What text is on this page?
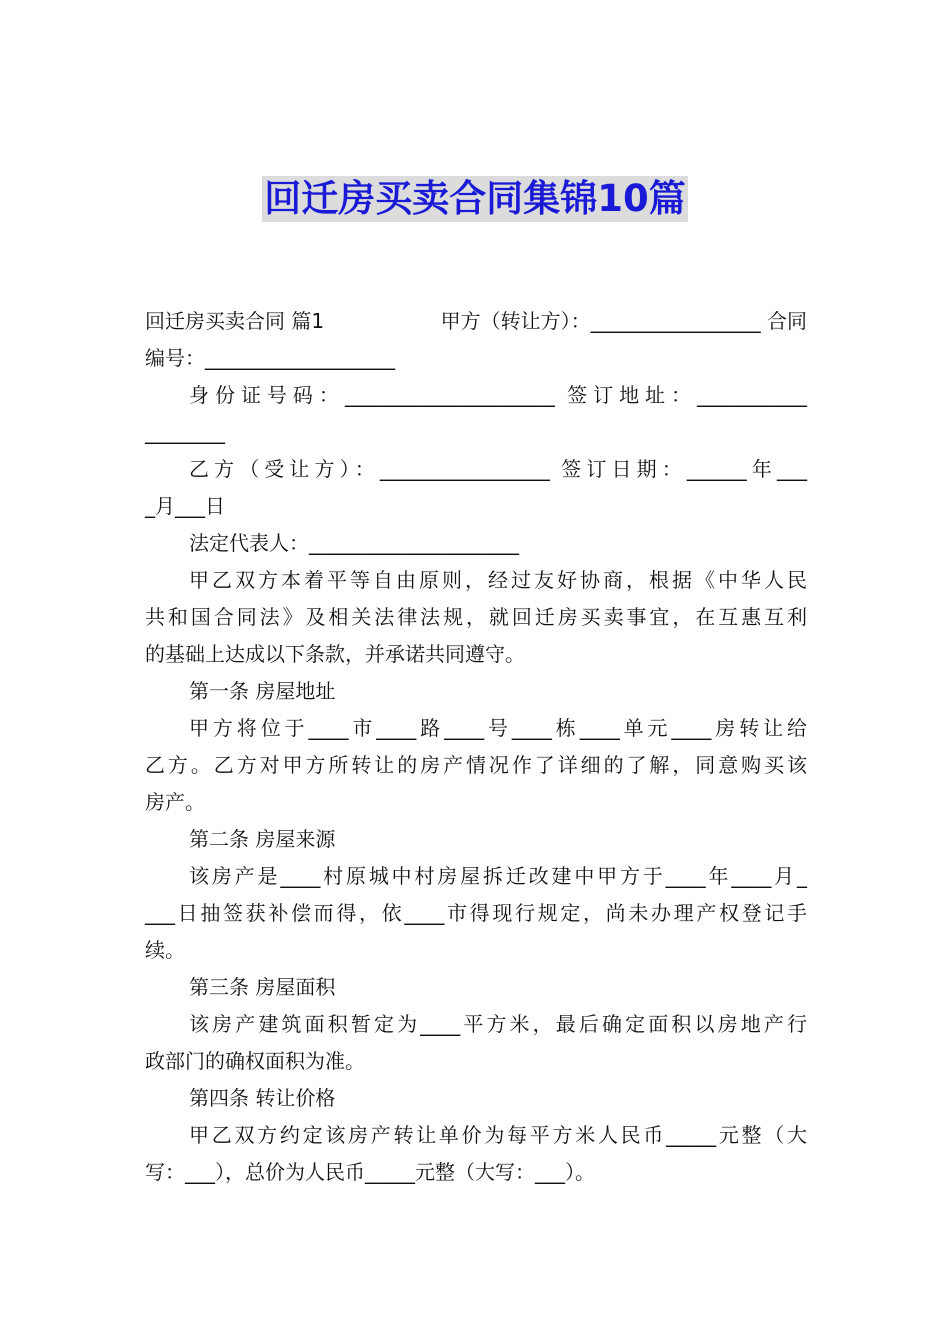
回迁房买卖合同集锦10篇
回迁房买卖合同 篇1	甲方（转让方）：_________________ 合同
编号：___________________
身份证号码：_____________________ 签订地址：___________
________
乙方（受让方）：_________________ 签订日期：______年___
_月___日
法定代表人：_____________________
甲乙双方本着平等自由原则，经过友好协商，根据《中华人民
共和国合同法》及相关法律法规，就回迁房买卖事宜，在互惠互利
的基础上达成以下条款，并承诺共同遵守。
第一条 房屋地址
甲方将位于____市____路____号____栋____单元____房转让给
乙方。乙方对甲方所转让的房产情况作了详细的了解，同意购买该
房产。
第二条 房屋来源
该房产是____村原城中村房屋拆迁改建中甲方于____年____月_
___日抽签获补偿而得，依____市得现行规定，尚未办理产权登记手
续。
第三条 房屋面积
该房产建筑面积暂定为____平方米，最后确定面积以房地产行
政部门的确权面积为准。
第四条 转让价格
甲乙双方约定该房产转让单价为每平方米人民币_____元整（大
写：___），总价为人民币_____元整（大写：___）。
